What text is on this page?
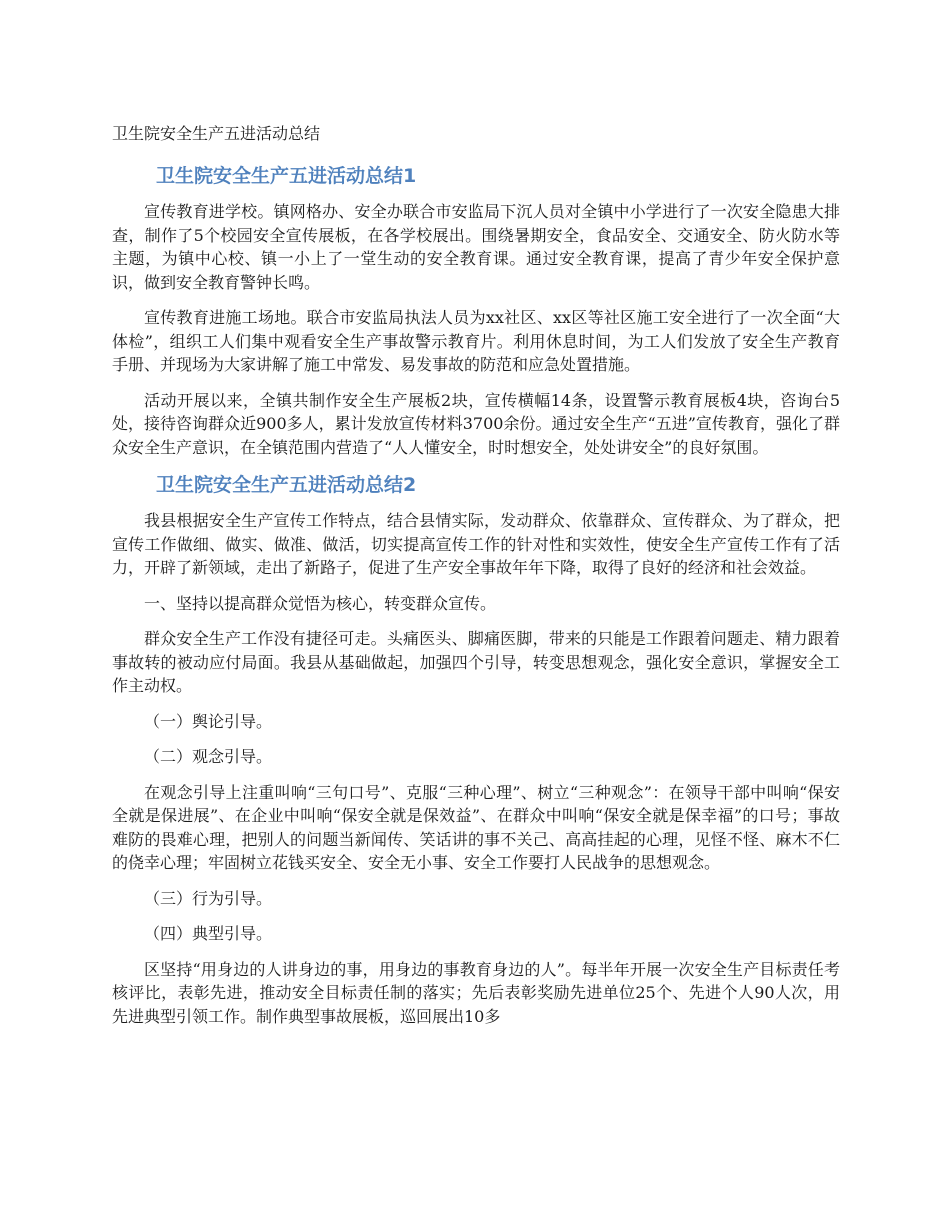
卫生院安全生产五进活动总结
卫生院安全生产五进活动总结1

宣传教育进学校。镇网格办、安全办联合市安监局下沉人员对全镇中小学进行了一次安全隐患大排查，制作了5个校园安全宣传展板，在各学校展出。围绕暑期安全，食品安全、交通安全、防火防水等主题，为镇中心校、镇一小上了一堂生动的安全教育课。通过安全教育课，提高了青少年安全保护意识，做到安全教育警钟长鸣。

宣传教育进施工场地。联合市安监局执法人员为xx社区、xx区等社区施工安全进行了一次全面“大体检”，组织工人们集中观看安全生产事故警示教育片。利用休息时间，为工人们发放了安全生产教育手册、并现场为大家讲解了施工中常发、易发事故的防范和应急处置措施。

活动开展以来，全镇共制作安全生产展板2块，宣传横幅14条，设置警示教育展板4块，咨询台5处，接待咨询群众近900多人，累计发放宣传材料3700余份。通过安全生产“五进”宣传教育，强化了群众安全生产意识，在全镇范围内营造了“人人懂安全，时时想安全，处处讲安全”的良好氛围。

卫生院安全生产五进活动总结2

我县根据安全生产宣传工作特点，结合县情实际，发动群众、依靠群众、宣传群众、为了群众，把宣传工作做细、做实、做准、做活，切实提高宣传工作的针对性和实效性，使安全生产宣传工作有了活力，开辟了新领域，走出了新路子，促进了生产安全事故年年下降，取得了良好的经济和社会效益。

一、坚持以提高群众觉悟为核心，转变群众宣传。

群众安全生产工作没有捷径可走。头痛医头、脚痛医脚，带来的只能是工作跟着问题走、精力跟着事故转的被动应付局面。我县从基础做起，加强四个引导，转变思想观念，强化安全意识，掌握安全工作主动权。

（一）舆论引导。

（二）观念引导。

在观念引导上注重叫响“三句口号”、克服“三种心理”、树立“三种观念”：在领导干部中叫响“保安全就是保进展”、在企业中叫响“保安全就是保效益”、在群众中叫响“保安全就是保幸福”的口号；事故难防的畏难心理，把别人的问题当新闻传、笑话讲的事不关己、高高挂起的心理，见怪不怪、麻木不仁的侥幸心理；牢固树立花钱买安全、安全无小事、安全工作要打人民战争的思想观念。

（三）行为引导。

（四）典型引导。

区坚持“用身边的人讲身边的事，用身边的事教育身边的人”。每半年开展一次安全生产目标责任考核评比，表彰先进，推动安全目标责任制的落实；先后表彰奖励先进单位25个、先进个人90人次，用先进典型引领工作。制作典型事故展板，巡回展出10多
